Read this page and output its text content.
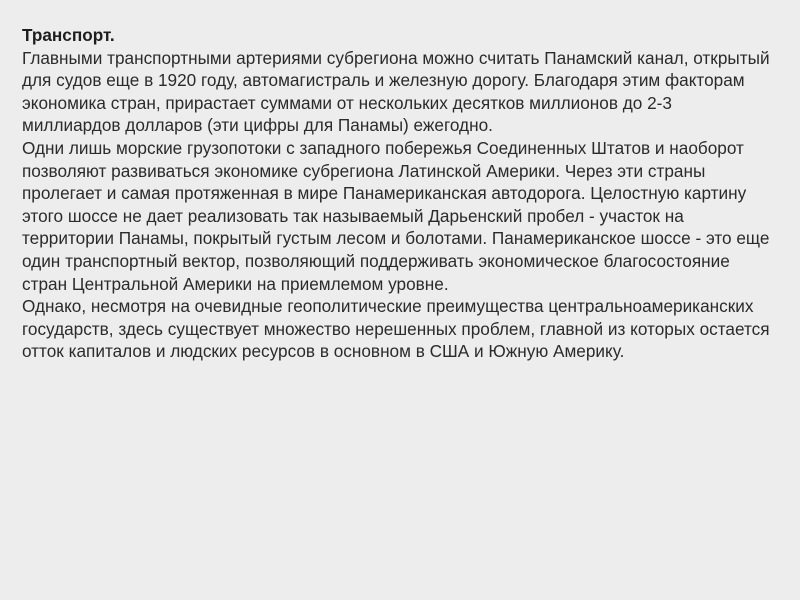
Транспорт.

Главными транспортными артериями субрегиона можно считать Панамский канал, открытый для судов еще в 1920 году, автомагистраль и железную дорогу. Благодаря этим факторам экономика стран, прирастает суммами от нескольких десятков миллионов до 2-3 миллиардов долларов (эти цифры для Панамы) ежегодно.

Одни лишь морские грузопотоки с западного побережья Соединенных Штатов и наоборот позволяют развиваться экономике субрегиона Латинской Америки. Через эти страны пролегает и самая протяженная в мире Панамериканская автодорога. Целостную картину этого шоссе не дает реализовать так называемый Дарьенский пробел - участок на территории Панамы, покрытый густым лесом и болотами. Панамериканское шоссе - это еще один транспортный вектор, позволяющий поддерживать экономическое благосостояние стран Центральной Америки на приемлемом уровне.

Однако, несмотря на очевидные геополитические преимущества центральноамериканских государств, здесь существует множество нерешенных проблем, главной из которых остается отток капиталов и людских ресурсов в основном в США и Южную Америку.
